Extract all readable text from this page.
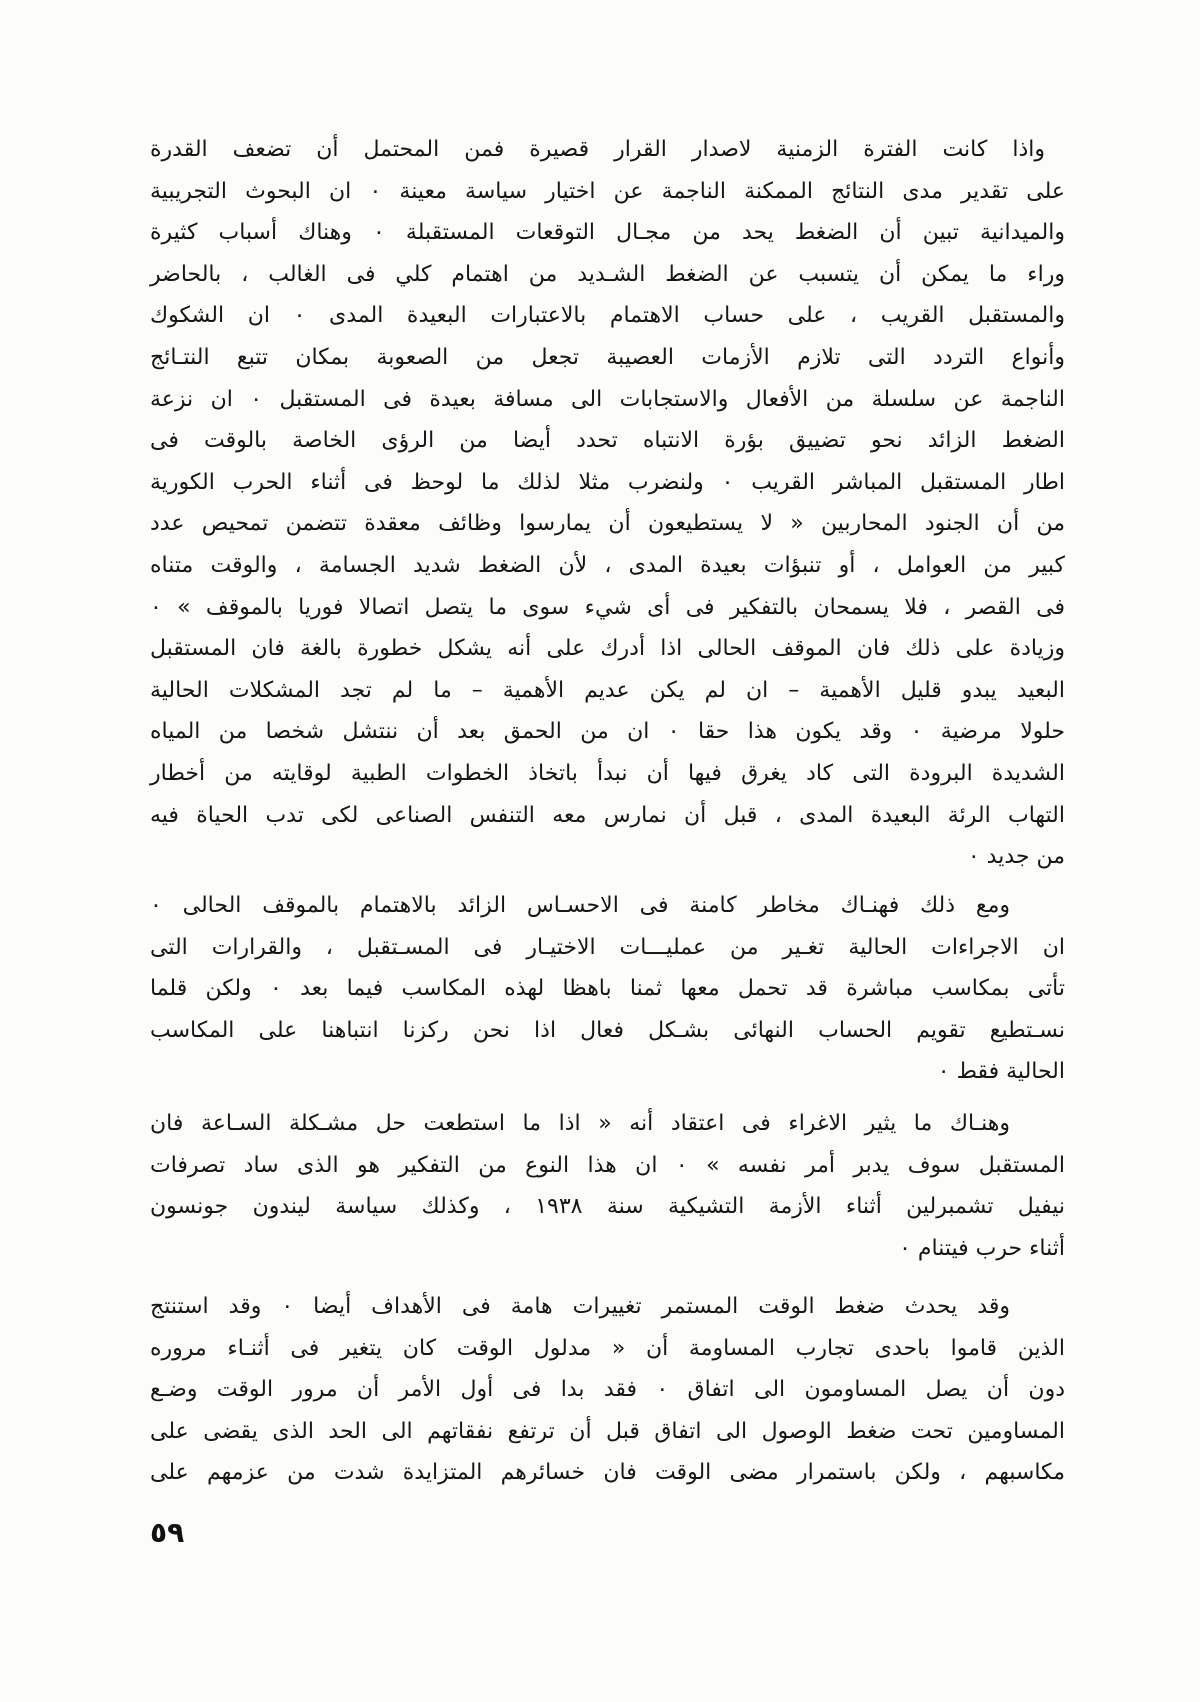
واذا كانت الفترة الزمنية لاصدار القرار قصيرة فمن المحتمل أن تضعف القدرة
على تقدير مدى النتائج الممكنة الناجمة عن اختيار سياسة معينة ٠ ان البحوث التجريبية
والميدانية تبين أن الضغط يحد من مجـال التوقعات المستقبلة ٠ وهناك أسباب كثيرة
وراء ما يمكن أن يتسبب عن الضغط الشـديد من اهتمام كلي فى الغالب ، بالحاضر
والمستقبل القريب ، على حساب الاهتمام بالاعتبارات البعيدة المدى ٠ ان الشكوك
وأنواع التردد التى تلازم الأزمات العصيبة تجعل من الصعوبة بمكان تتبع النتـائج
الناجمة عن سلسلة من الأفعال والاستجابات الى مسافة بعيدة فى المستقبل ٠ ان نزعة
الضغط الزائد نحو تضييق بؤرة الانتباه تحدد أيضا من الرؤى الخاصة بالوقت فى
اطار المستقبل المباشر القريب ٠ ولنضرب مثلا لذلك ما لوحظ فى أثناء الحرب الكورية
من أن الجنود المحاربين « لا يستطيعون أن يمارسوا وظائف معقدة تتضمن تمحيص عدد
كبير من العوامل ، أو تنبؤات بعيدة المدى ، لأن الضغط شديد الجسامة ، والوقت متناه
فى القصر ، فلا يسمحان بالتفكير فى أى شيء سوى ما يتصل اتصالا فوريا بالموقف » ٠
وزيادة على ذلك فان الموقف الحالى اذا أدرك على أنه يشكل خطورة بالغة فان المستقبل
البعيد يبدو قليل الأهمية – ان لم يكن عديم الأهمية – ما لم تجد المشكلات الحالية
حلولا مرضية ٠ وقد يكون هذا حقا ٠ ان من الحمق بعد أن ننتشل شخصا من المياه
الشديدة البرودة التى كاد يغرق فيها أن نبدأ باتخاذ الخطوات الطبية لوقايته من أخطار
التهاب الرئة البعيدة المدى ، قبل أن نمارس معه التنفس الصناعى لكى تدب الحياة فيه
من جديد ٠
ومع ذلك فهنـاك مخاطر كامنة فى الاحسـاس الزائد بالاهتمام بالموقف الحالى ٠
ان الاجراءات الحالية تغـير من عمليـــات الاختيـار فى المسـتقبل ، والقرارات التى
تأتى بمكاسب مباشرة قد تحمل معها ثمنا باهظا لهذه المكاسب فيما بعد ٠ ولكن قلما
نسـتطيع تقويم الحساب النهائى بشـكل فعال اذا نحن ركزنا انتباهنا على المكاسب
الحالية فقط ٠
وهنـاك ما يثير الاغراء فى اعتقاد أنه « اذا ما استطعت حل مشـكلة السـاعة فان
المستقبل سوف يدبر أمر نفسه » ٠ ان هذا النوع من التفكير هو الذى ساد تصرفات
نيفيل تشمبرلين أثناء الأزمة التشيكية سنة ١٩٣٨ ، وكذلك سياسة ليندون جونسون
أثناء حرب فيتنام ٠
وقد يحدث ضغط الوقت المستمر تغييرات هامة فى الأهداف أيضا ٠ وقد استنتج
الذين قاموا باحدى تجارب المساومة أن « مدلول الوقت كان يتغير فى أثنـاء مروره
دون أن يصل المساومون الى اتفاق ٠ فقد بدا فى أول الأمر أن مرور الوقت وضـع
المساومين تحت ضغط الوصول الى اتفاق قبل أن ترتفع نفقاتهم الى الحد الذى يقضى على
مكاسبهم ، ولكن باستمرار مضى الوقت فان خسائرهم المتزايدة شدت من عزمهم على
٥٩
